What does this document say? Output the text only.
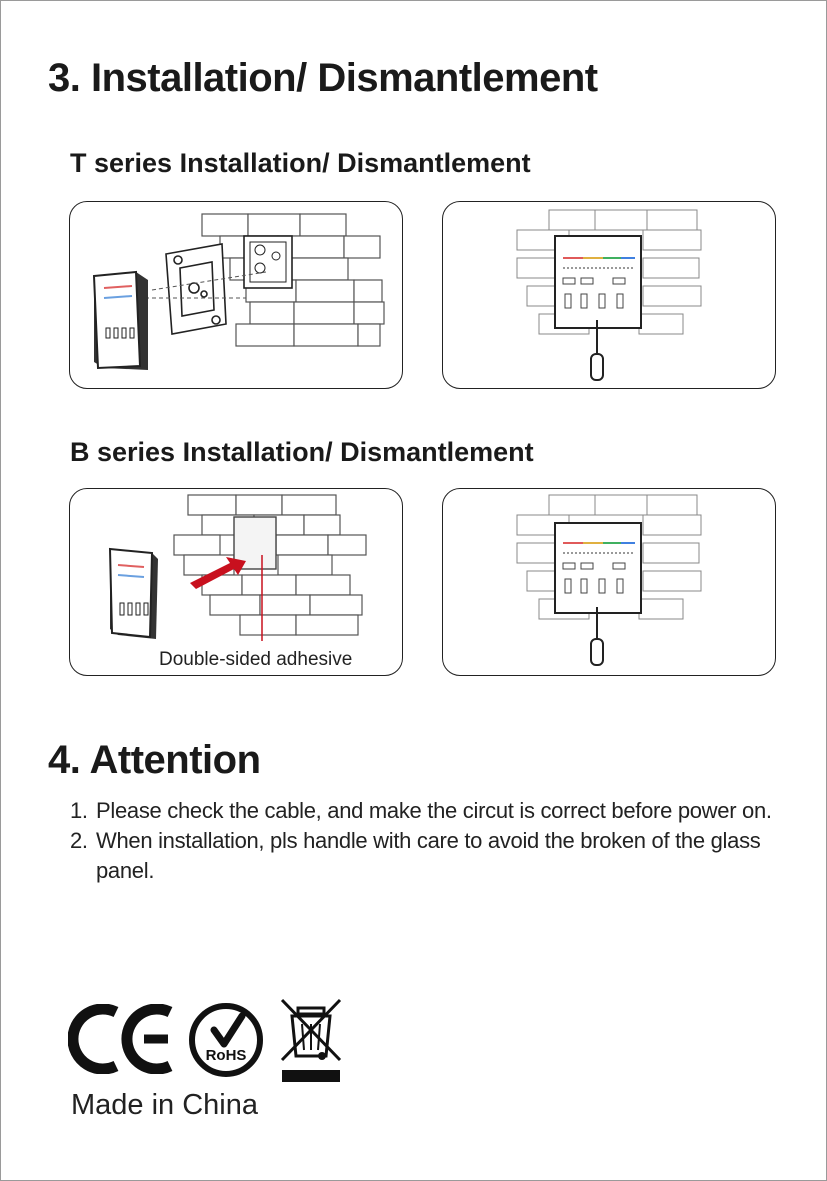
3. Installation/ Dismantlement
T series Installation/ Dismantlement
B series Installation/ Dismantlement
Double-sided adhesive
4. Attention
1. Please check the cable, and make the circut is correct before power on.
2. When installation, pls handle with care to avoid the broken of the glass panel.
RoHS
Made in China
